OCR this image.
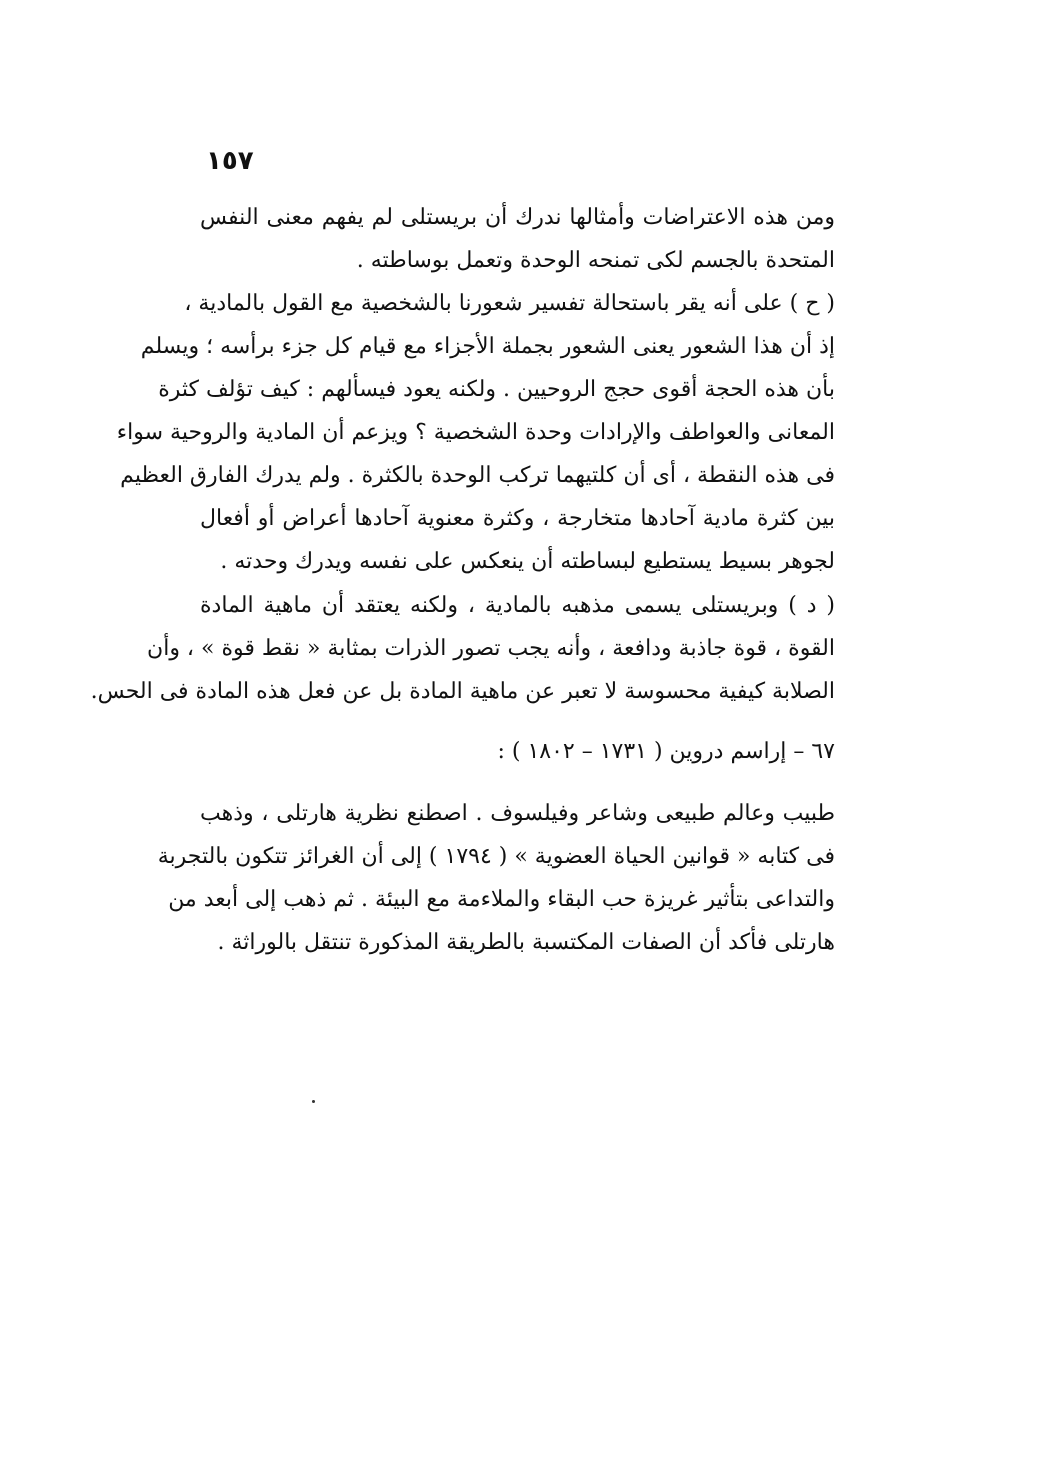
١٥٧
ومن هذه الاعتراضات وأمثالها ندرك أن بريستلى لم يفهم معنى النفس
المتحدة بالجسم لكى تمنحه الوحدة وتعمل بوساطته .
( ح ) على أنه يقر باستحالة تفسير شعورنا بالشخصية مع القول بالمادية ،
إذ أن هذا الشعور يعنى الشعور بجملة الأجزاء مع قيام كل جزء برأسه ؛ ويسلم
بأن هذه الحجة أقوى حجج الروحيين . ولكنه يعود فيسألهم : كيف تؤلف كثرة
المعانى والعواطف والإرادات وحدة الشخصية ؟ ويزعم أن المادية والروحية سواء
فى هذه النقطة ، أى أن كلتيهما تركب الوحدة بالكثرة . ولم يدرك الفارق العظيم
بين كثرة مادية آحادها متخارجة ، وكثرة معنوية آحادها أعراض أو أفعال
لجوهر بسيط يستطيع لبساطته أن ينعكس على نفسه ويدرك وحدته .
( د ) وبريستلى يسمى مذهبه بالمادية ، ولكنه يعتقد أن ماهية المادة
القوة ، قوة جاذبة ودافعة ، وأنه يجب تصور الذرات بمثابة « نقط قوة » ، وأن
الصلابة كيفية محسوسة لا تعبر عن ماهية المادة بل عن فعل هذه المادة فى الحس.
٦٧ – إراسم دروين ( ١٧٣١ – ١٨٠٢ ) :
طبيب وعالم طبيعى وشاعر وفيلسوف . اصطنع نظرية هارتلى ، وذهب
فى كتابه « قوانين الحياة العضوية » ( ١٧٩٤ ) إلى أن الغرائز تتكون بالتجربة
والتداعى بتأثير غريزة حب البقاء والملاءمة مع البيئة . ثم ذهب إلى أبعد من
هارتلى فأكد أن الصفات المكتسبة بالطريقة المذكورة تنتقل بالوراثة .
